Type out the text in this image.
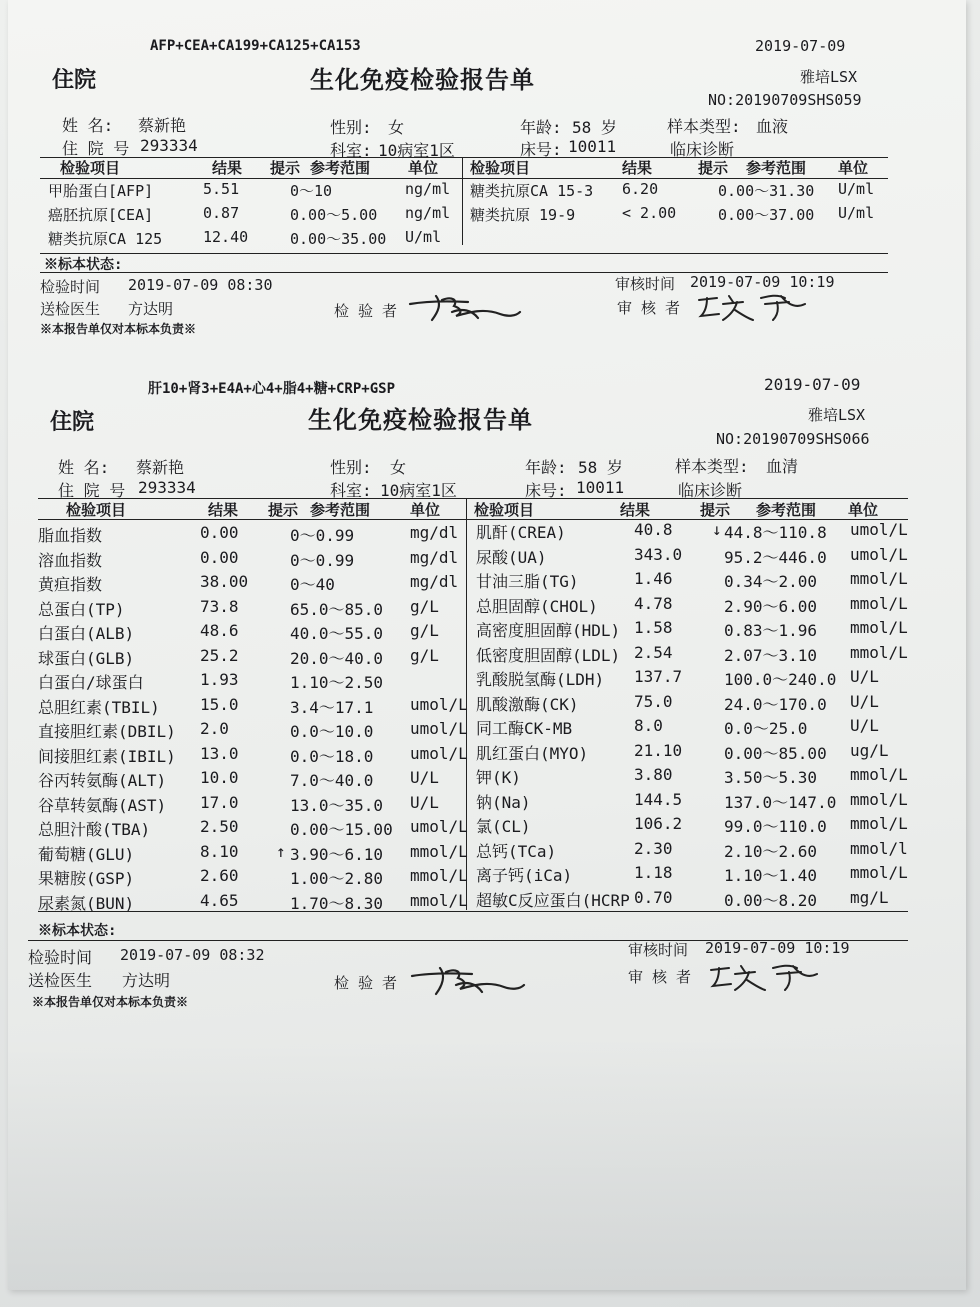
AFP+CEA+CA199+CA125+CA153	2019-07-09
住院	生化免疫检验报告单	雅培LSX
NO:20190709SHS059
姓 名: 蔡新艳	性别: 女	年龄: 58 岁	样本类型: 血液
住 院 号 293334	科室: 10病室1区	床号: 10011	临床诊断
检验项目	结果 提示 参考范围	单位 检验项目	结果	提示 参考范围 单位
甲胎蛋白[AFP]	5.51	0～10	ng/ml
癌胚抗原[CEA]	0.87	0.00～5.00 ng/ml
糖类抗原CA 125	12.40	0.00～35.00 U/ml
糖类抗原CA 15-3 6.20	0.00～31.30 U/ml
糖类抗原 19-9	< 2.00	0.00～37.00 U/ml
※标本状态:
检验时间 2019-07-09 08:30	审核时间 2019-07-09 10:19
送检医生 方达明	检 验 者	审 核 者
※本报告单仅对本标本负责※
肝10+肾3+E4A+心4+脂4+糖+CRP+GSP	2019-07-09
住院	生化免疫检验报告单	雅培LSX
NO:20190709SHS066
姓 名: 蔡新艳	性别: 女	年龄: 58 岁	样本类型: 血清
住 院 号 293334	科室: 10病室1区	床号: 10011	临床诊断
检验项目	结果 提示 参考范围	单位 检验项目	结果	提示 参考范围 单位
脂血指数	0.00	0～0.99	mg/dl
溶血指数	0.00	0～0.99	mg/dl
黄疸指数	38.00	0～40	mg/dl
总蛋白(TP)	73.8	65.0～85.0 g/L
白蛋白(ALB)	48.6	40.0～55.0 g/L
球蛋白(GLB)	25.2	20.0～40.0 g/L
白蛋白/球蛋白	1.93	1.10～2.50
总胆红素(TBIL)	15.0	3.4～17.1 umol/L
直接胆红素(DBIL) 2.0	0.0～10.0 umol/L
间接胆红素(IBIL) 13.0	0.0～18.0 umol/L
谷丙转氨酶(ALT) 10.0	7.0～40.0 U/L
谷草转氨酶(AST) 17.0	13.0～35.0 U/L
总胆汁酸(TBA)	2.50	0.00～15.00 umol/L
葡萄糖(GLU)	8.10 ↑ 3.90～6.10 mmol/L
果糖胺(GSP)	2.60	1.00～2.80 mmol/L
尿素氮(BUN)	4.65	1.70～8.30 mmol/L
肌酐(CREA)	40.8 ↓ 44.8～110.8 umol/L
尿酸(UA)	343.0	95.2～446.0 umol/L
甘油三脂(TG)	1.46	0.34～2.00 mmol/L
总胆固醇(CHOL) 4.78	2.90～6.00 mmol/L
高密度胆固醇(HDL) 1.58	0.83～1.96 mmol/L
低密度胆固醇(LDL) 2.54	2.07～3.10 mmol/L
乳酸脱氢酶(LDH) 137.7	100.0～240.0 U/L
肌酸激酶(CK)	75.0	24.0～170.0 U/L
同工酶CK-MB	8.0	0.0～25.0	U/L
肌红蛋白(MYO)	21.10	0.00～85.00 ug/L
钾(K)	3.80	3.50～5.30 mmol/L
钠(Na)	144.5	137.0～147.0 mmol/L
氯(CL)	106.2	99.0～110.0 mmol/L
总钙(TCa)	2.30	2.10～2.60 mmol/l
离子钙(iCa)	1.18	1.10～1.40 mmol/L
超敏C反应蛋白(HCRP 0.70	0.00～8.20 mg/L
※标本状态:
检验时间 2019-07-09 08:32	审核时间 2019-07-09 10:19
送检医生 方达明	检 验 者	审 核 者
※本报告单仅对本标本负责※
